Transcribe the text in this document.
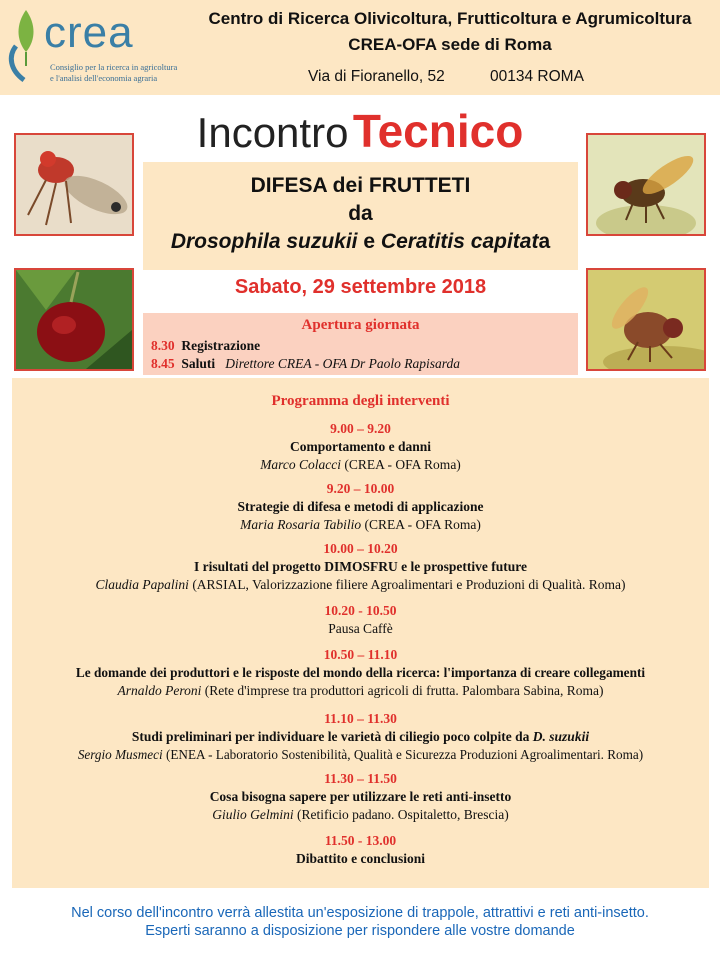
crea
Consiglio per la ricerca in agricoltura
e l'analisi dell'economia agraria
Centro di Ricerca Olivicoltura, Frutticoltura e Agrumicoltura
CREA-OFA sede di Roma
Via di Fioranello, 52	00134 ROMA
Incontro Tecnico
DIFESA dei FRUTTETI
da
Drosophila suzukii e Ceratitis capitata
Sabato, 29 settembre 2018
Apertura giornata
8.30 Registrazione
8.45 Saluti Direttore CREA - OFA Dr Paolo Rapisarda
Programma degli interventi
9.00 – 9.20
Comportamento e danni
Marco Colacci (CREA - OFA Roma)
9.20 – 10.00
Strategie di difesa e metodi di applicazione
Maria Rosaria Tabilio (CREA - OFA Roma)
10.00 – 10.20
I risultati del progetto DIMOSFRU e le prospettive future
Claudia Papalini (ARSIAL, Valorizzazione filiere Agroalimentari e Produzioni di Qualità. Roma)
10.20 - 10.50
Pausa Caffè
10.50 – 11.10
Le domande dei produttori e le risposte del mondo della ricerca: l'importanza di creare collegamenti
Arnaldo Peroni (Rete d'imprese tra produttori agricoli di frutta. Palombara Sabina, Roma)
11.10 – 11.30
Studi preliminari per individuare le varietà di ciliegio poco colpite da D. suzukii
Sergio Musmeci (ENEA - Laboratorio Sostenibilità, Qualità e Sicurezza Produzioni Agroalimentari. Roma)
11.30 – 11.50
Cosa bisogna sapere per utilizzare le reti anti-insetto
Giulio Gelmini (Retificio padano. Ospitaletto, Brescia)
11.50 - 13.00
Dibattito e conclusioni
Nel corso dell'incontro verrà allestita un'esposizione di trappole, attrattivi e reti anti-insetto.
Esperti saranno a disposizione per rispondere alle vostre domande
